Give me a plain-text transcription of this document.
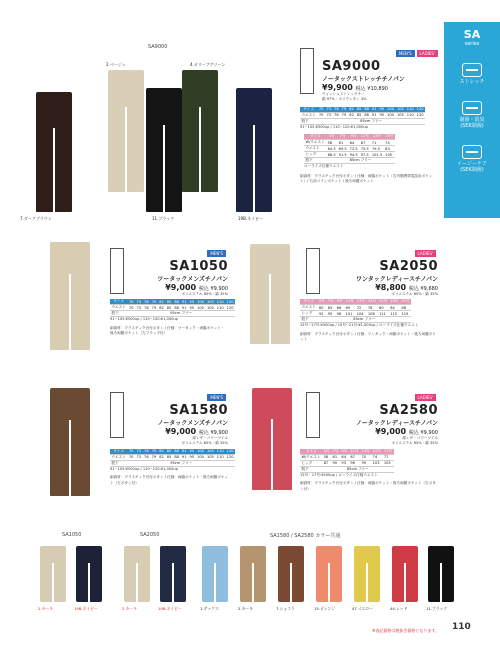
SA
series
ストレッチ
制菌・消臭
(SEK制菌)
イージーケア
(SEK制菌)
SA9000
2.ベージュ	4.オリーブグリーン
7.ダークブラウン	11.ブラック	19B.ネイビー
MEN'S LADIES'
SA9000
ノータックストレッチチノパン
¥9,900 税込 ¥10,890
ウォッシュストレッチチノ
綿 97%・ポリウレタン 3%
サイズ	70	73	76	79	82	85	88	91	95	100	105	110	120
ウエスト	70	73	76	79	82	85	88	91	95	100	105	110	120
股下	85cm フリー												
91~105:¥500up / 110~120:¥1,000up
サイズ	5号	7号	9号	11号	13号	15号
W/ウエスト	58	61	64	67	71	74
ウエスト	64.5	69.5	72.5	75.5	79.5	83
ヒップ	88.5	91.5	94.5	97.5	101.5	105
股下	85cm フリー					
ローライズ仕様ウエスト
副資材：プラスチック台付ボタン / 仕様：両脇ポケット（右内側携帯電話用ポケット）/ 右前コインポケット / 後ろ両腰ポケット
MEN'S
SA1050
ツータックメンズチノパン
¥9,000 税込 ¥9,900
ポリエステル 65%・綿 35%
サイズ	70	73	76	79	82	85	88	91	95	100	105	110	120
ウエスト	70	73	76	79	82	85	88	91	95	100	105	110	120
股下	95cm フリー												
91~105:¥500up / 110~120:¥1,000up
副資材：プラスチック台付ボタン / 仕様：ツータック・両脇ポケット・後ろ両腰ポケット（左フラップ付）
LADIES'
SA2050
ワンタックレディースチノパン
¥8,800 税込 ¥9,680
ポリエステル 65%・綿 35%
サイズ	5号	7号	9号	11号	13号	15号	17号	19号	21号
ウエスト	60	63	66	69	72	76	80	84	88
ヒップ	92	95	98	101	104	108	111	115	119
股下	85cm フリー								
15号~17号:¥500up / 19号~21号:¥1,000up / ローライズ仕様ウエスト
副資材：プラスチック台付ボタン / 仕様：ワンタック・両脇ポケット・後ろ両腰ポケット
MEN'S
SA1580
ノータックメンズチノパン
¥9,000 税込 ¥9,900
薄レザ・パワーツイル
ポリエステル 65%・綿 35%
サイズ	70	73	76	79	82	85	88	91	95	100	105	110	120
ウエスト	70	73	76	79	82	85	88	91	95	100	105	110	120
股下	95cm フリー												
91~105:¥500up / 110~120:¥1,000up
副資材：プラスチック台付ボタン / 仕様：両脇ポケット・後ろ両腰ポケット（左ボタン付）
LADIES'
SA2580
ノータックレディースチノパン
¥9,000 税込 ¥9,900
薄レザ・パワーツイル
ポリエステル 65%・綿 35%
サイズ	5号	7号	9号	11号	13号	15号	17号
W/ウエスト	58	61	64	67	70	74	77
ヒップ	87	90	93	96	99	103	105
股下	85cm フリー						
15号・17号:¥500up / ローライズ仕様ウエスト
副資材：プラスチック台付ボタン / 仕様：両脇ポケット・後ろ両腰ポケット（左ボタン付）
SA1050	SA2050	SA1580 / SA2580 カラー共通
2.カーキ	19B.ネイビー	2.カーキ	19B.ネイビー	1.サックス	2.カーキ	7.ショコラ	15.オレンジ	47.イエロー	44.レッド	11.ブラック
※表記価格は税抜き価格となります。 110
